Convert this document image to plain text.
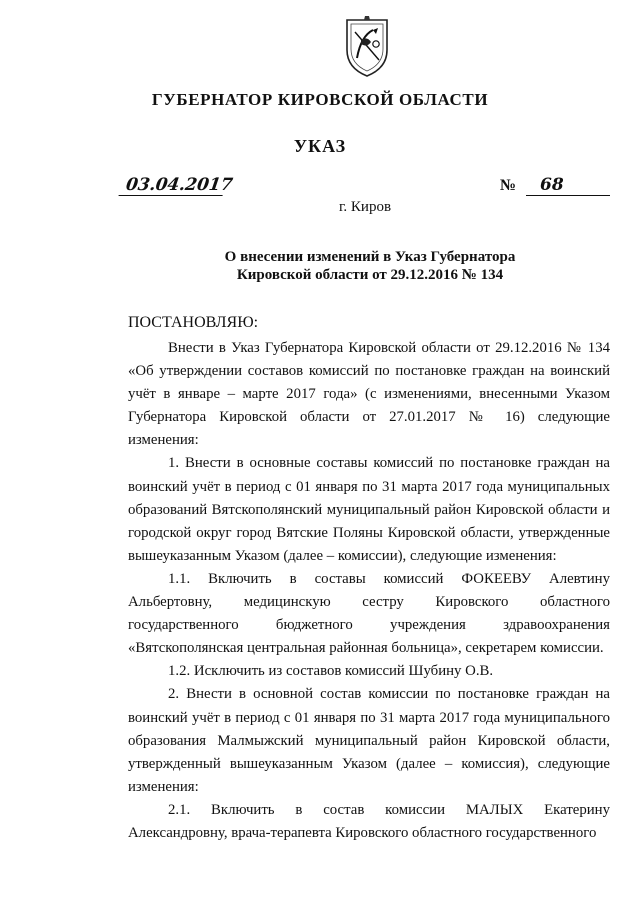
ГУБЕРНАТОР КИРОВСКОЙ ОБЛАСТИ
УКАЗ
03.04.2017	№ 68
г. Киров
О внесении изменений в Указ Губернатора
Кировской области от 29.12.2016 № 134
ПОСТАНОВЛЯЮ:
Внести в Указ Губернатора Кировской области от 29.12.2016 № 134 «Об утверждении составов комиссий по постановке граждан на воинский учёт в январе – марте 2017 года» (с изменениями, внесенными Указом Губернатора Кировской области от 27.01.2017 № 16) следующие изменения:
1. Внести в основные составы комиссий по постановке граждан на воинский учёт в период с 01 января по 31 марта 2017 года муниципальных образований Вятскополянский муниципальный район Кировской области и городской округ город Вятские Поляны Кировской области, утвержденные вышеуказанным Указом (далее – комиссии), следующие изменения:
1.1. Включить в составы комиссий ФОКЕЕВУ Алевтину Альбертовну, медицинскую сестру Кировского областного государственного бюджетного учреждения здравоохранения «Вятскополянская центральная районная больница», секретарем комиссии.
1.2. Исключить из составов комиссий Шубину О.В.
2. Внести в основной состав комиссии по постановке граждан на воинский учёт в период с 01 января по 31 марта 2017 года муниципального образования Малмыжский муниципальный район Кировской области, утвержденный вышеуказанным Указом (далее – комиссия), следующие изменения:
2.1. Включить в состав комиссии МАЛЫХ Екатерину Александровну, врача-терапевта Кировского областного государственного
